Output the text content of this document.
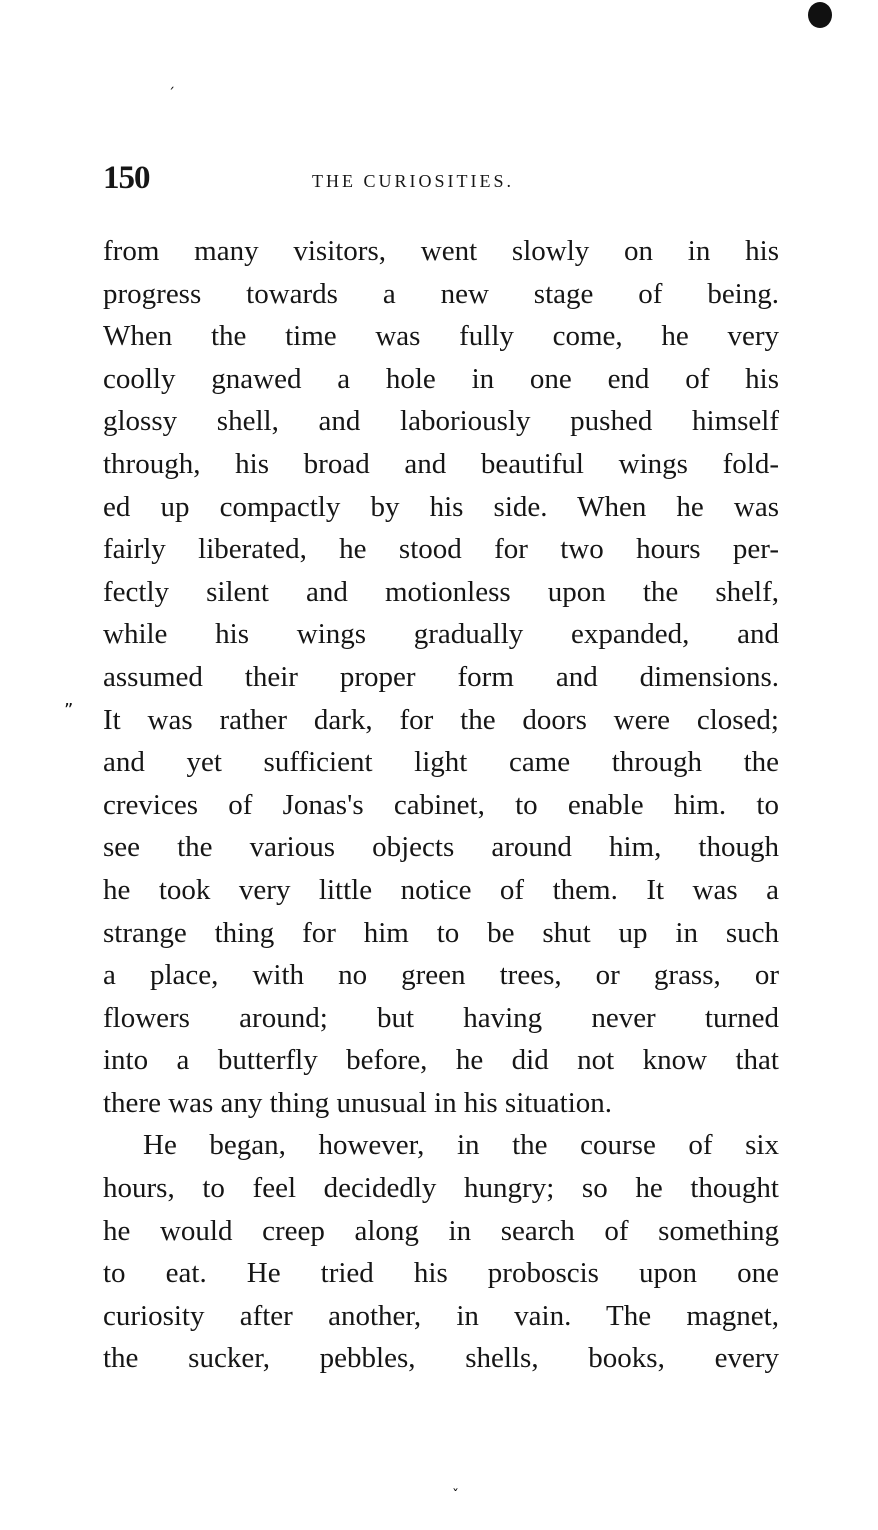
ˏ
150	THE CURIOSITIES.
”
from many visitors, went slowly on in his
progress towards a new stage of being.
When the time was fully come, he very
coolly gnawed a hole in one end of his
glossy shell, and laboriously pushed himself
through, his broad and beautiful wings fold-
ed up compactly by his side. When he was
fairly liberated, he stood for two hours per-
fectly silent and motionless upon the shelf,
while his wings gradually expanded, and
assumed their proper form and dimensions.
It was rather dark, for the doors were closed;
and yet sufficient light came through the
crevices of Jonas's cabinet, to enable him. to
see the various objects around him, though
he took very little notice of them. It was a
strange thing for him to be shut up in such
a place, with no green trees, or grass, or
flowers around; but having never turned
into a butterfly before, he did not know that
there was any thing unusual in his situation.
He began, however, in the course of six
hours, to feel decidedly hungry; so he thought
he would creep along in search of something
to eat. He tried his proboscis upon one
curiosity after another, in vain. The magnet,
the sucker, pebbles, shells, books, every
ˇ
